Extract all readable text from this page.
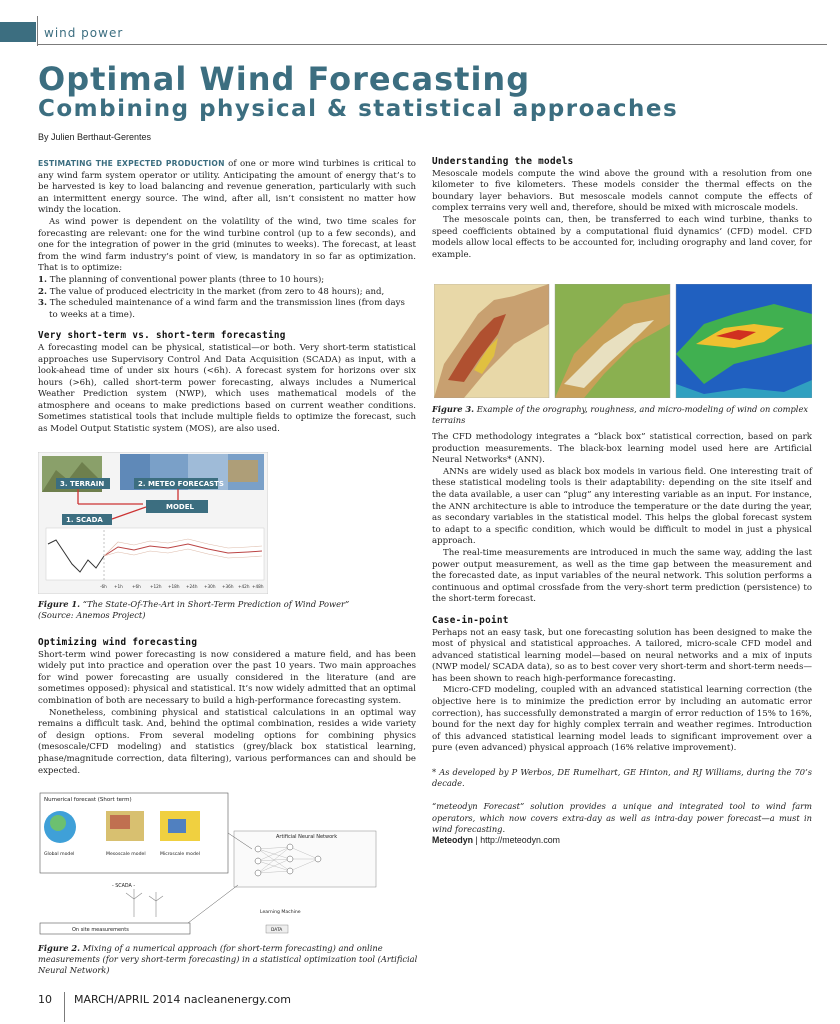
wind power
Optimal Wind Forecasting
Combining physical & statistical approaches
By Julien Berthaut-Gerentes

ESTIMATING THE EXPECTED PRODUCTION of one or more wind turbines is critical to any wind farm system operator or utility. Anticipating the amount of energy that’s to be harvested is key to load balancing and revenue generation, particularly with such an intermittent energy source. The wind, after all, isn’t consistent no matter how windy the location.

As wind power is dependent on the volatility of the wind, two time scales for forecasting are relevant: one for the wind turbine control (up to a few seconds), and one for the integration of power in the grid (minutes to weeks). The forecast, at least from the wind farm industry’s point of view, is mandatory in so far as optimization. That is to optimize:

1. The planning of conventional power plants (three to 10 hours);
2. The value of produced electricity in the market (from zero to 48 hours); and,
3. The scheduled maintenance of a wind farm and the transmission lines (from days to weeks at a time).
Very short-term vs. short-term forecasting

A forecasting model can be physical, statistical—or both. Very short-term statistical approaches use Supervisory Control And Data Acquisition (SCADA) as input, with a look-ahead time of under six hours (<6h). A forecast system for horizons over six hours (>6h), called short-term power forecasting, always includes a Numerical Weather Prediction system (NWP), which uses mathematical models of the atmosphere and oceans to make predictions based on current weather conditions. Sometimes statistical tools that include multiple fields to optimize the forecast, such as Model Output Statistic system (MOS), are also used.

3. TERRAIN	2. METEO FORECASTS
MODEL
1. SCADA
-6h +1h +6h +12h +18h +24h +30h +36h +42h +48h
Figure 1. “The State-Of-The-Art in Short-Term Prediction of Wind Power”
(Source: Anemos Project)
Optimizing wind forecasting

Short-term wind power forecasting is now considered a mature field, and has been widely put into practice and operation over the past 10 years. Two main approaches for wind power forecasting are usually considered in the literature (and are sometimes opposed): physical and statistical. It’s now widely admitted that an optimal combination of both are necessary to build a high-performance forecasting system.

Nonetheless, combining physical and statistical calculations in an optimal way remains a difficult task. And, behind the optimal combination, resides a wide variety of design options. From several modeling options for combining physics (mesoscale/CFD modeling) and statistics (grey/black box statistical learning, phase/magnitude correction, data filtering), various performances can and should be expected.

Numerical forecast (Short term)
Global model	Mesoscale model	Microscale model
Artificial Neural Network
- SCADA -
On site measurements
Learning Machine
DATA
Figure 2. Mixing of a numerical approach (for short-term forecasting) and online measurements (for very short-term forecasting) in a statistical optimization tool (Artificial Neural Network)
Understanding the models

Mesoscale models compute the wind above the ground with a resolution from one kilometer to five kilometers. These models consider the thermal effects on the boundary layer behaviors. But mesoscale models cannot compute the effects of complex terrains very well and, therefore, should be mixed with microscale models.

The mesoscale points can, then, be transferred to each wind turbine, thanks to speed coefficients obtained by a computational fluid dynamics’ (CFD) model. CFD models allow local effects to be accounted for, including orography and land cover, for example.

Figure 3. Example of the orography, roughness, and micro-modeling of wind on complex terrains

The CFD methodology integrates a “black box” statistical correction, based on park production measurements. The black-box learning model used here are Artificial Neural Networks* (ANN).

ANNs are widely used as black box models in various field. One interesting trait of these statistical modeling tools is their adaptability: depending on the site itself and the data available, a user can “plug” any interesting variable as an input. For instance, the ANN architecture is able to introduce the temperature or the date during the year, as secondary variables in the statistical model. This helps the global forecast system to adapt to a specific condition, which would be difficult to model in just a physical approach.

The real-time measurements are introduced in much the same way, adding the last power output measurement, as well as the time gap between the measurement and the forecasted date, as input variables of the neural network. This solution performs a continuous and optimal crossfade from the very-short term prediction (persistence) to the short-term forecast.

Case-in-point

Perhaps not an easy task, but one forecasting solution has been designed to make the most of physical and statistical approaches. A tailored, micro-scale CFD model and advanced statistical learning model—based on neural networks and a mix of inputs (NWP model/ SCADA data), so as to best cover very short-term and short-term needs—has been shown to reach high-performance forecasting.

Micro-CFD modeling, coupled with an advanced statistical learning correction (the objective here is to minimize the prediction error by including an automatic error correction), has successfully demonstrated a margin of error reduction of 15% to 16%, bound for the next day for highly complex terrain and weather regimes. Introduction of this advanced statistical learning model leads to significant improvement over a pure (even advanced) physical approach (16% relative improvement).

* As developed by P Werbos, DE Rumelhart, GE Hinton, and RJ Williams, during the 70’s decade.

“meteodyn Forecast” solution provides a unique and integrated tool to wind farm operators, which now covers extra-day as well as intra-day power forecast—a must in wind forecasting.

Meteodyn | http://meteodyn.com

10 MARCH/APRIL 2014 nacleanenergy.com
